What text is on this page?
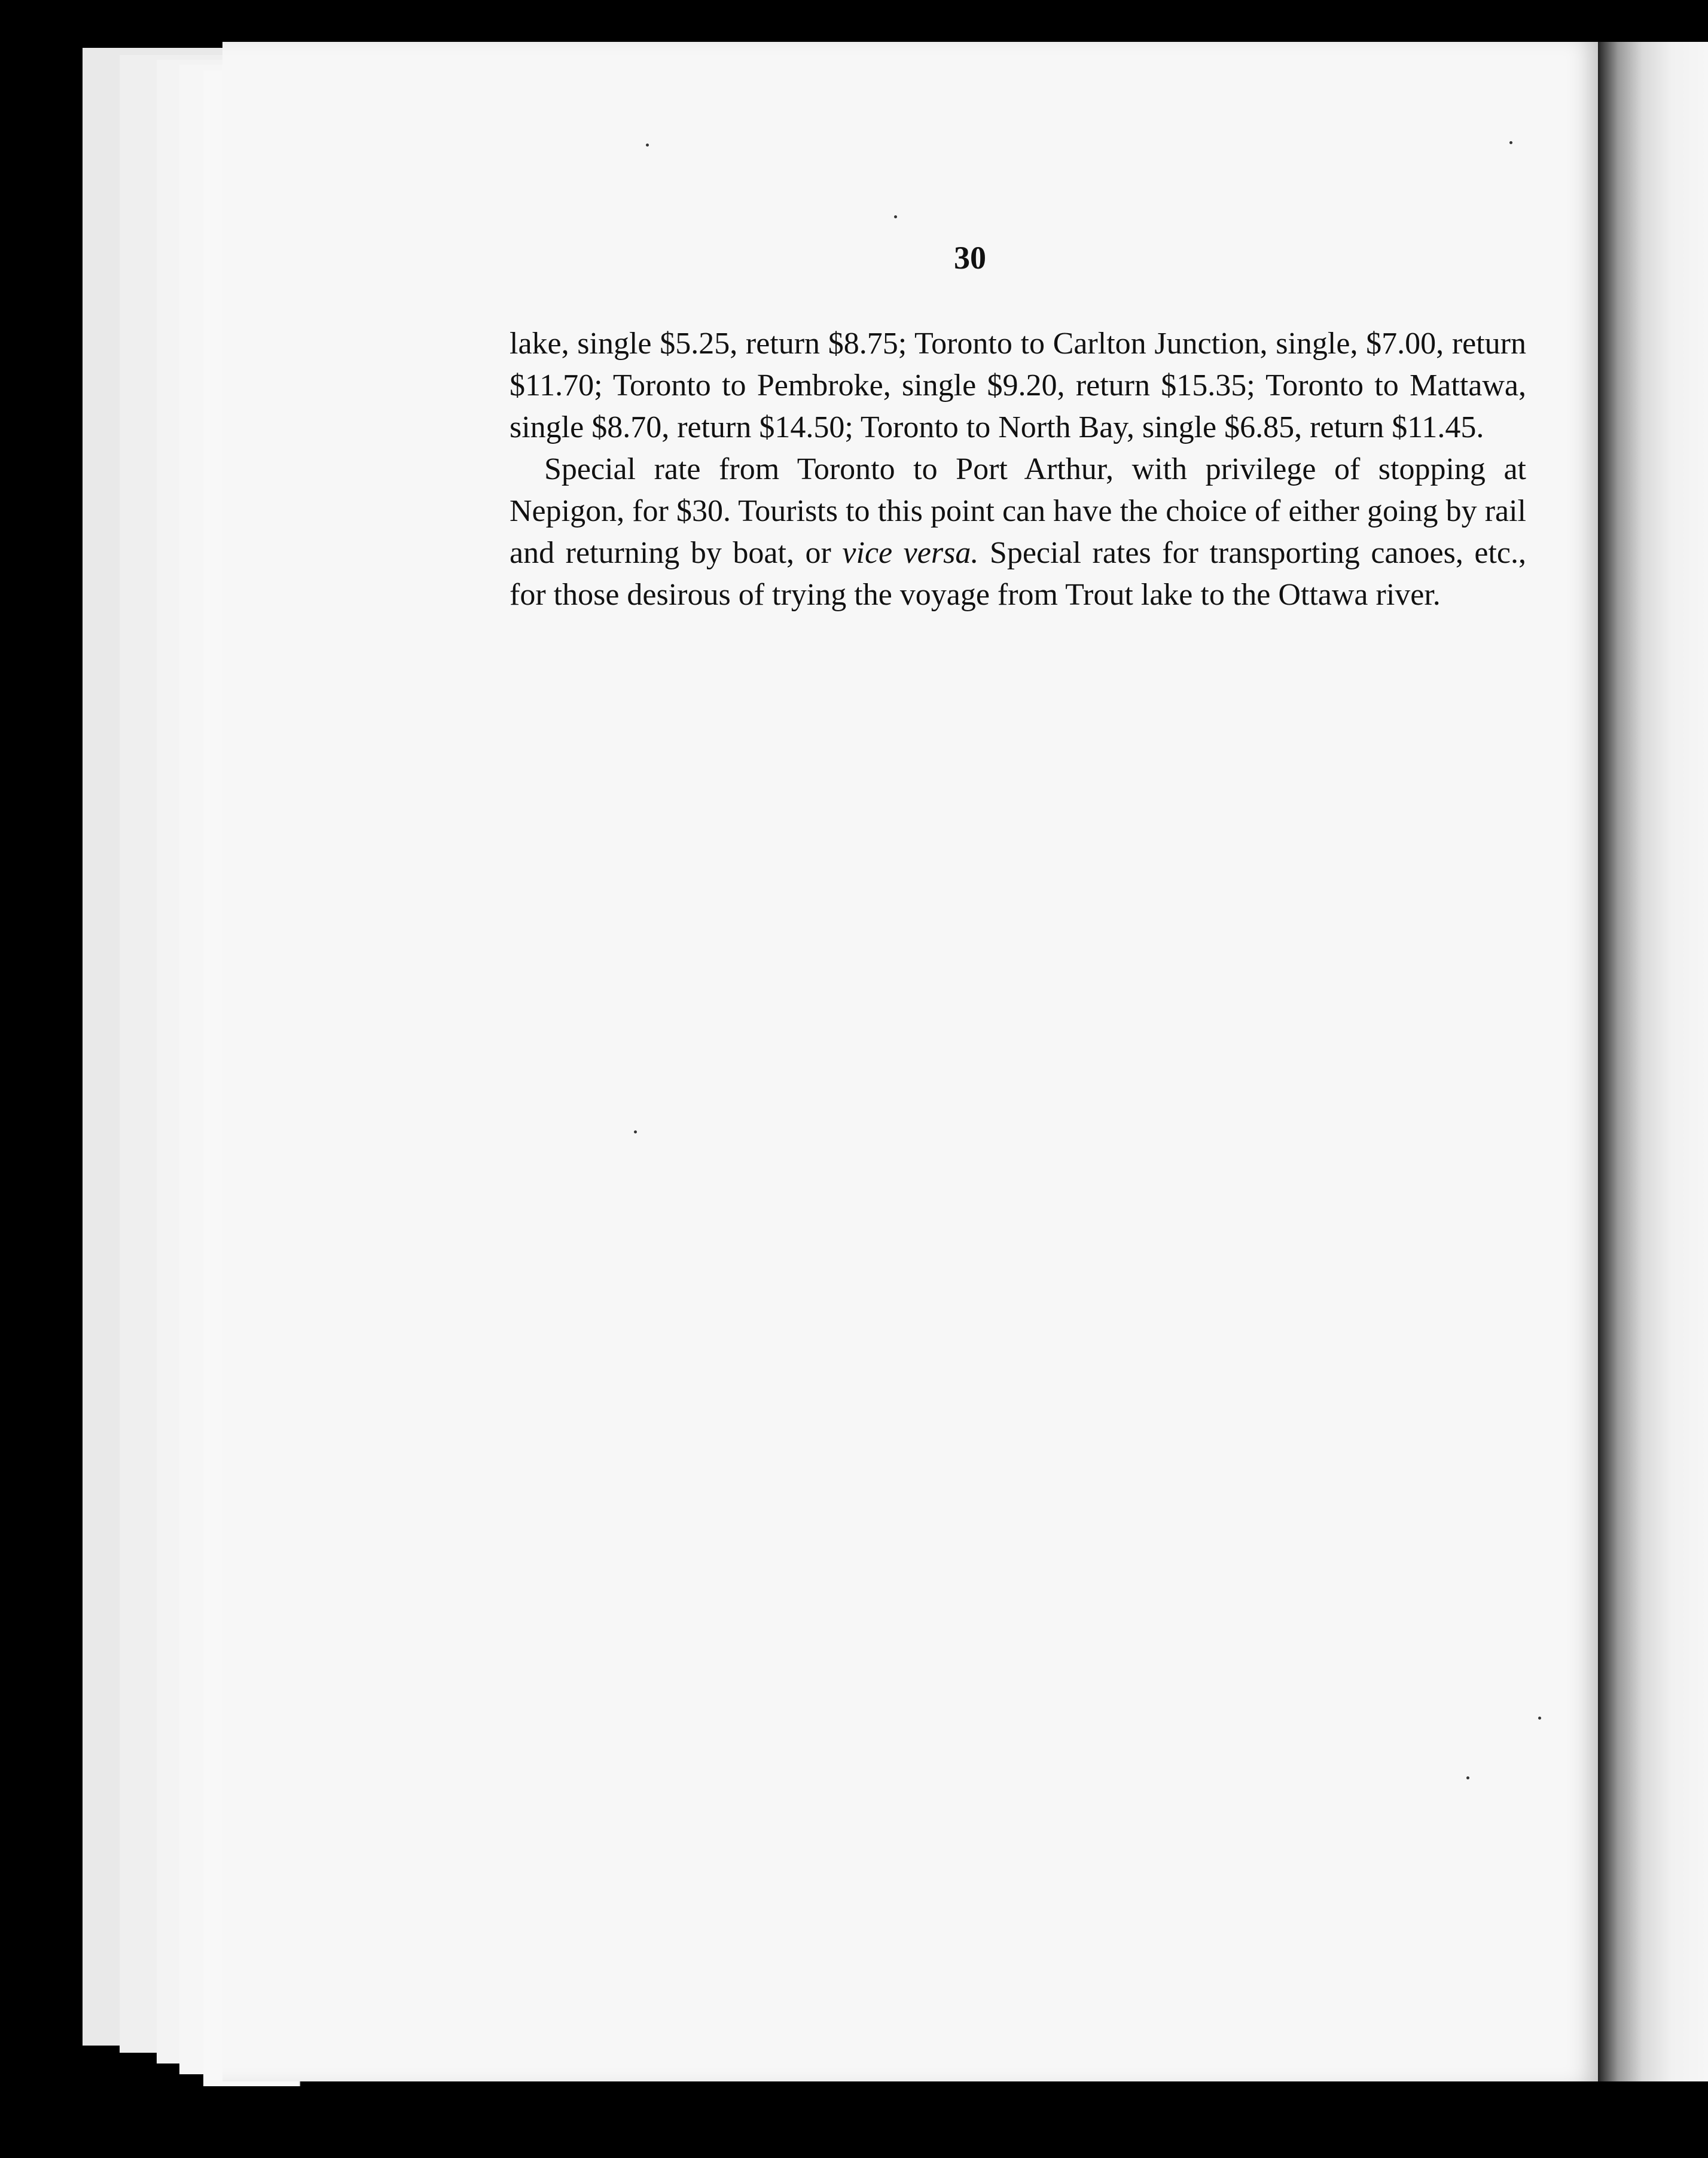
30

lake, single $5.25, return $8.75; Toronto to Carlton Junction, single, $7.00, return $11.70; Toronto to Pembroke, single $9.20, return $15.35; Toronto to Mattawa, single $8.70, return $14.50; Toronto to North Bay, single $6.85, return $11.45.

Special rate from Toronto to Port Arthur, with privilege of stopping at Nepigon, for $30. Tourists to this point can have the choice of either going by rail and returning by boat, or vice versa. Special rates for transporting canoes, etc., for those desirous of trying the voyage from Trout lake to the Ottawa river.
